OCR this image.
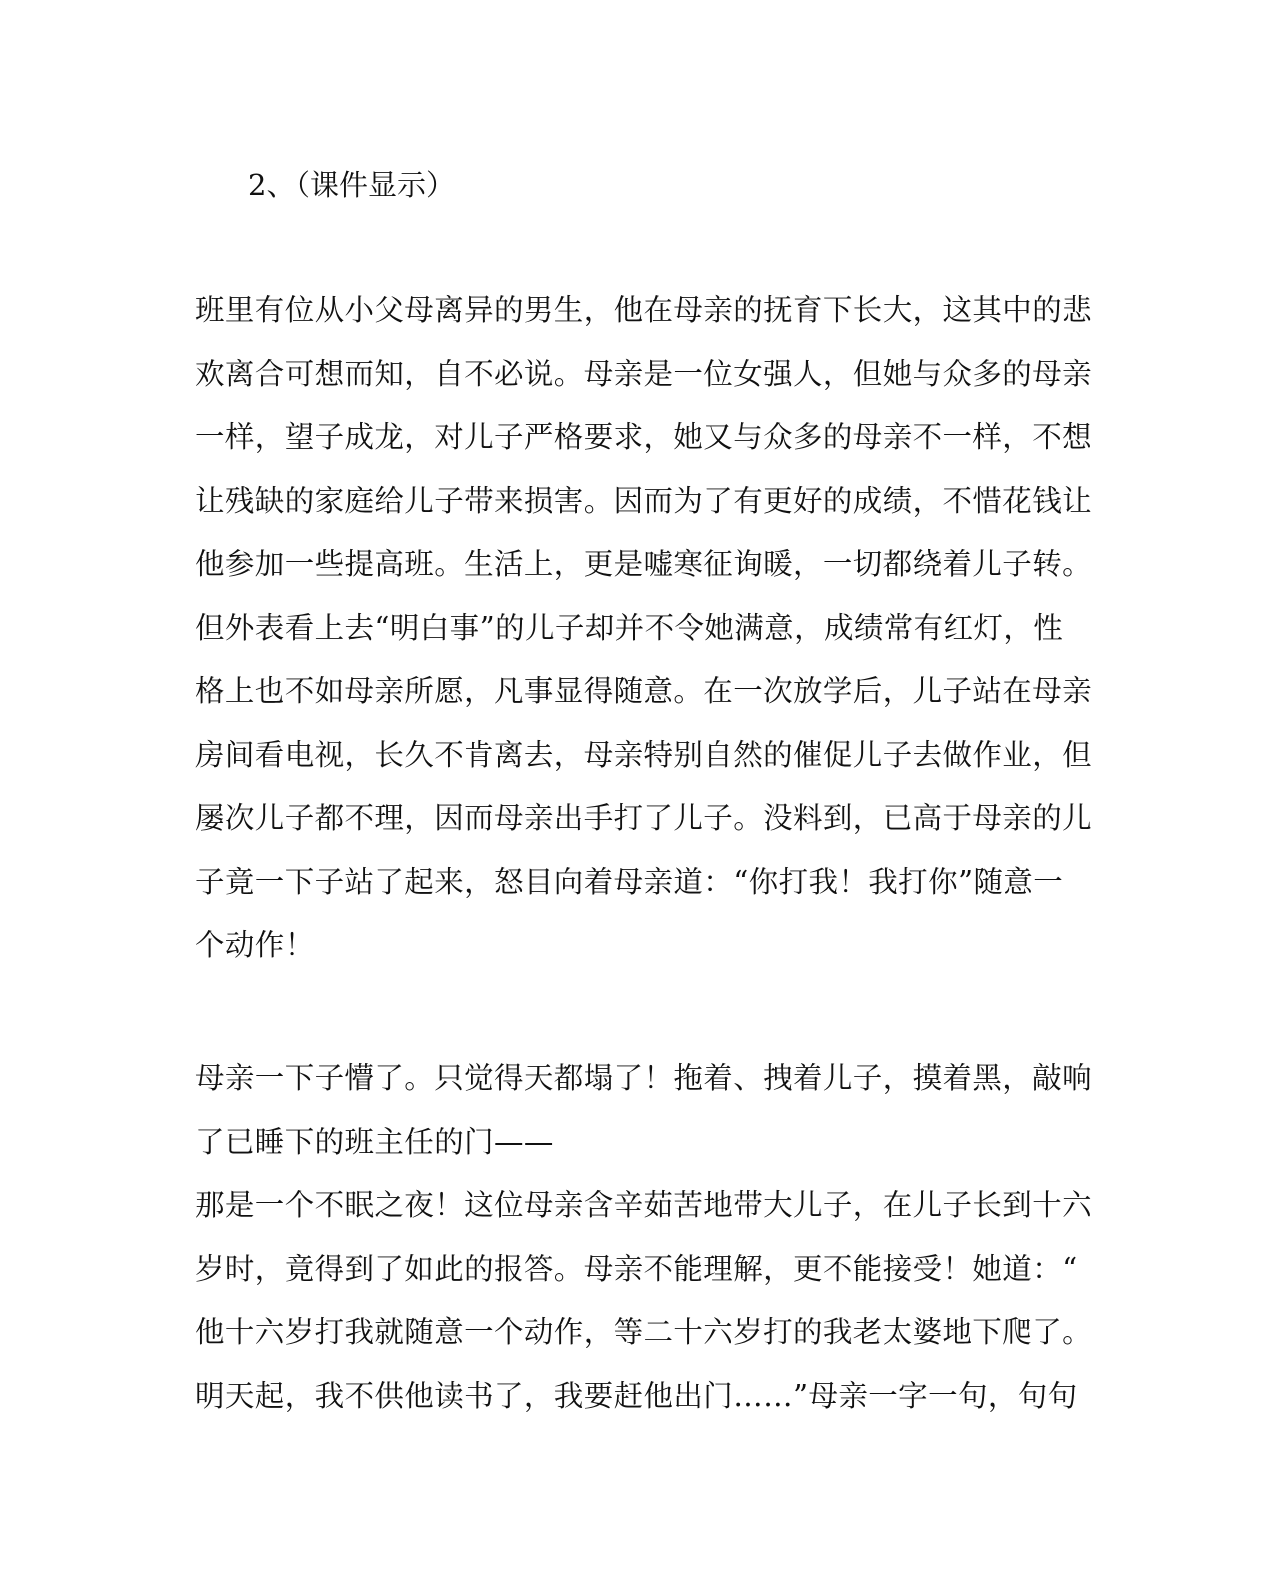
2、（课件显示）
班里有位从小父母离异的男生，他在母亲的抚育下长大，这其中的悲
欢离合可想而知，自不必说。母亲是一位女强人，但她与众多的母亲
一样，望子成龙，对儿子严格要求，她又与众多的母亲不一样，不想
让残缺的家庭给儿子带来损害。因而为了有更好的成绩，不惜花钱让
他参加一些提高班。生活上，更是嘘寒征询暖，一切都绕着儿子转。
但外表看上去“明白事”的儿子却并不令她满意，成绩常有红灯，性
格上也不如母亲所愿，凡事显得随意。在一次放学后，儿子站在母亲
房间看电视，长久不肯离去，母亲特别自然的催促儿子去做作业，但
屡次儿子都不理，因而母亲出手打了儿子。没料到，已高于母亲的儿
子竟一下子站了起来，怒目向着母亲道：“你打我！我打你”随意一
个动作！
母亲一下子懵了。只觉得天都塌了！拖着、拽着儿子，摸着黑，敲响
了已睡下的班主任的门——
那是一个不眠之夜！这位母亲含辛茹苦地带大儿子，在儿子长到十六
岁时，竟得到了如此的报答。母亲不能理解，更不能接受！她道：“
他十六岁打我就随意一个动作，等二十六岁打的我老太婆地下爬了。
明天起，我不供他读书了，我要赶他出门……”母亲一字一句，句句
